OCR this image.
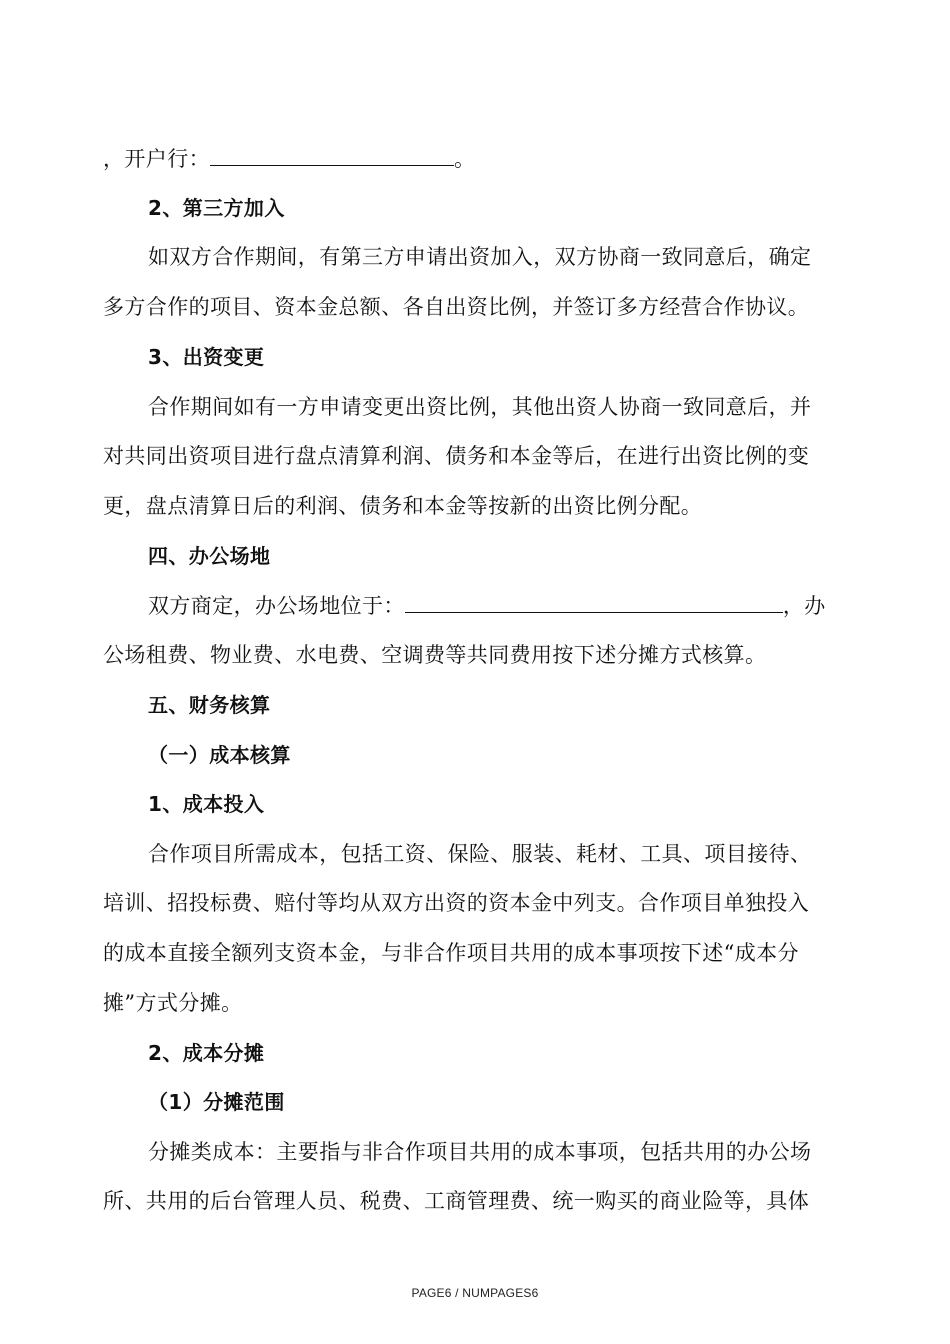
，开户行：	。
2、第三方加入
如双方合作期间，有第三方申请出资加入，双方协商一致同意后，确定
多方合作的项目、资本金总额、各自出资比例，并签订多方经营合作协议。
3、出资变更
合作期间如有一方申请变更出资比例，其他出资人协商一致同意后，并
对共同出资项目进行盘点清算利润、债务和本金等后，在进行出资比例的变
更，盘点清算日后的利润、债务和本金等按新的出资比例分配。
四、办公场地
双方商定，办公场地位于：	，办
公场租费、物业费、水电费、空调费等共同费用按下述分摊方式核算。
五、财务核算
（一）成本核算
1、成本投入
合作项目所需成本，包括工资、保险、服装、耗材、工具、项目接待、
培训、招投标费、赔付等均从双方出资的资本金中列支。合作项目单独投入
的成本直接全额列支资本金，与非合作项目共用的成本事项按下述“成本分
摊”方式分摊。
2、成本分摊
（1）分摊范围
分摊类成本：主要指与非合作项目共用的成本事项，包括共用的办公场
所、共用的后台管理人员、税费、工商管理费、统一购买的商业险等，具体
PAGE6 / NUMPAGES6
